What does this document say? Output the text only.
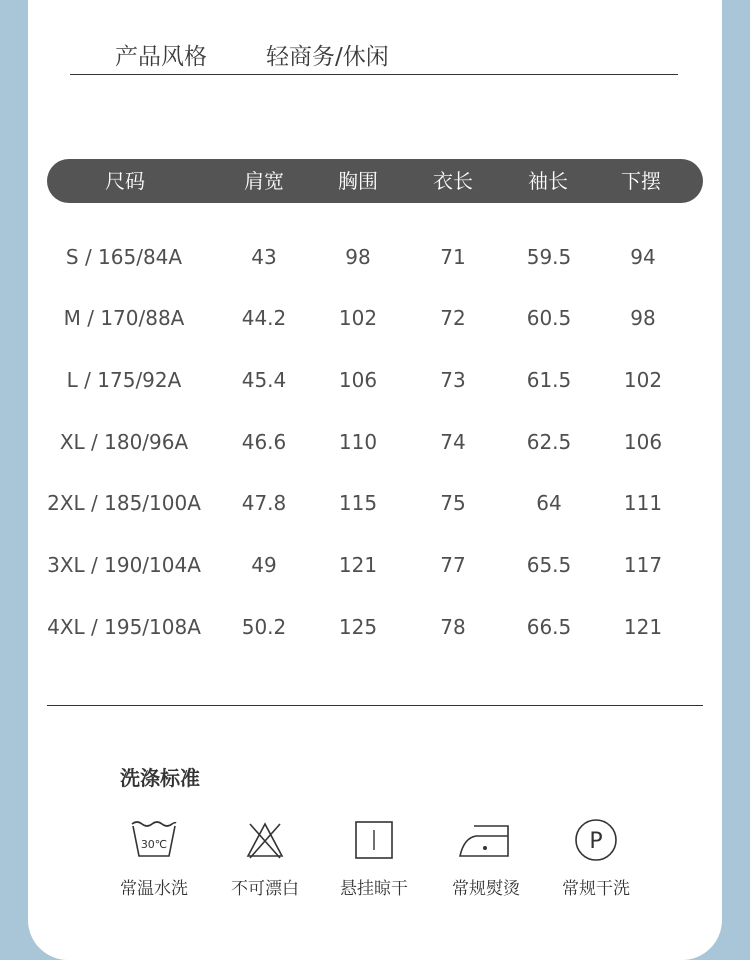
产品风格	轻商务/休闲
尺码	肩宽	胸围	衣长	袖长	下摆
S / 165/84A	43	98	71	59.5	94
M / 170/88A	44.2	102	72	60.5	98
L / 175/92A	45.4	106	73	61.5	102
XL / 180/96A	46.6	110	74	62.5	106
2XL / 185/100A	47.8	115	75	64	111
3XL / 190/104A	49	121	77	65.5	117
4XL / 195/108A	50.2	125	78	66.5	121
洗涤标准
30℃
常温水洗	不可漂白	悬挂晾干	常规熨烫
P
常规干洗
